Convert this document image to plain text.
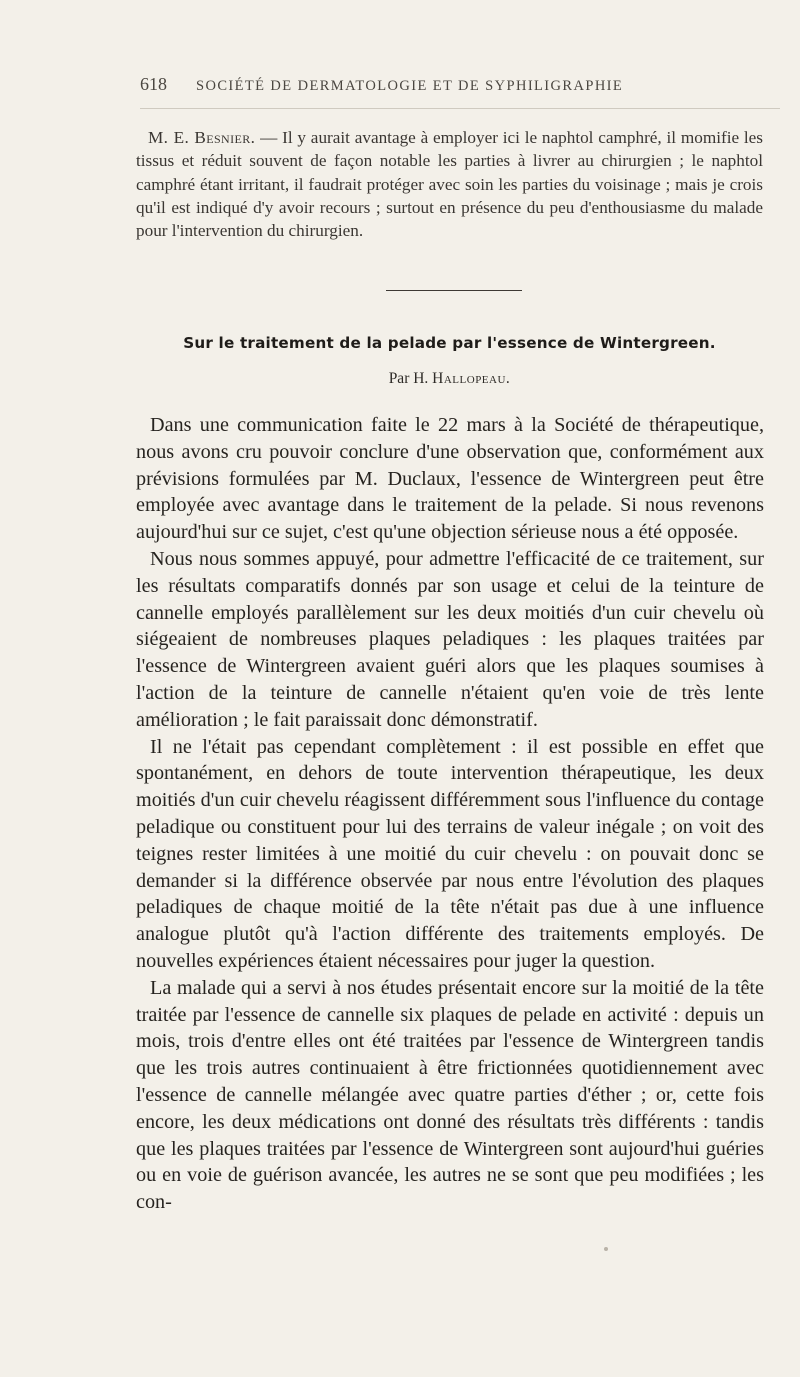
618 SOCIÉTÉ DE DERMATOLOGIE ET DE SYPHILIGRAPHIE

M. E. Besnier. — Il y aurait avantage à employer ici le naphtol camphré, il momifie les tissus et réduit souvent de façon notable les parties à livrer au chirurgien ; le naphtol camphré étant irritant, il faudrait protéger avec soin les parties du voisinage ; mais je crois qu'il est indiqué d'y avoir recours ; surtout en présence du peu d'enthousiasme du malade pour l'intervention du chirurgien.

Sur le traitement de la pelade par l'essence de Wintergreen.
Par H. Hallopeau.

Dans une communication faite le 22 mars à la Société de thérapeutique, nous avons cru pouvoir conclure d'une observation que, conformément aux prévisions formulées par M. Duclaux, l'essence de Wintergreen peut être employée avec avantage dans le traitement de la pelade. Si nous revenons aujourd'hui sur ce sujet, c'est qu'une objection sérieuse nous a été opposée.

Nous nous sommes appuyé, pour admettre l'efficacité de ce traitement, sur les résultats comparatifs donnés par son usage et celui de la teinture de cannelle employés parallèlement sur les deux moitiés d'un cuir chevelu où siégeaient de nombreuses plaques peladiques : les plaques traitées par l'essence de Wintergreen avaient guéri alors que les plaques soumises à l'action de la teinture de cannelle n'étaient qu'en voie de très lente amélioration ; le fait paraissait donc démonstratif.

Il ne l'était pas cependant complètement : il est possible en effet que spontanément, en dehors de toute intervention thérapeutique, les deux moitiés d'un cuir chevelu réagissent différemment sous l'influence du contage peladique ou constituent pour lui des terrains de valeur inégale ; on voit des teignes rester limitées à une moitié du cuir chevelu : on pouvait donc se demander si la différence observée par nous entre l'évolution des plaques peladiques de chaque moitié de la tête n'était pas due à une influence analogue plutôt qu'à l'action différente des traitements employés. De nouvelles expériences étaient nécessaires pour juger la question.

La malade qui a servi à nos études présentait encore sur la moitié de la tête traitée par l'essence de cannelle six plaques de pelade en activité : depuis un mois, trois d'entre elles ont été traitées par l'essence de Wintergreen tandis que les trois autres continuaient à être frictionnées quotidiennement avec l'essence de cannelle mélangée avec quatre parties d'éther ; or, cette fois encore, les deux médications ont donné des résultats très différents : tandis que les plaques traitées par l'essence de Wintergreen sont aujourd'hui guéries ou en voie de guérison avancée, les autres ne se sont que peu modifiées ; les con-
